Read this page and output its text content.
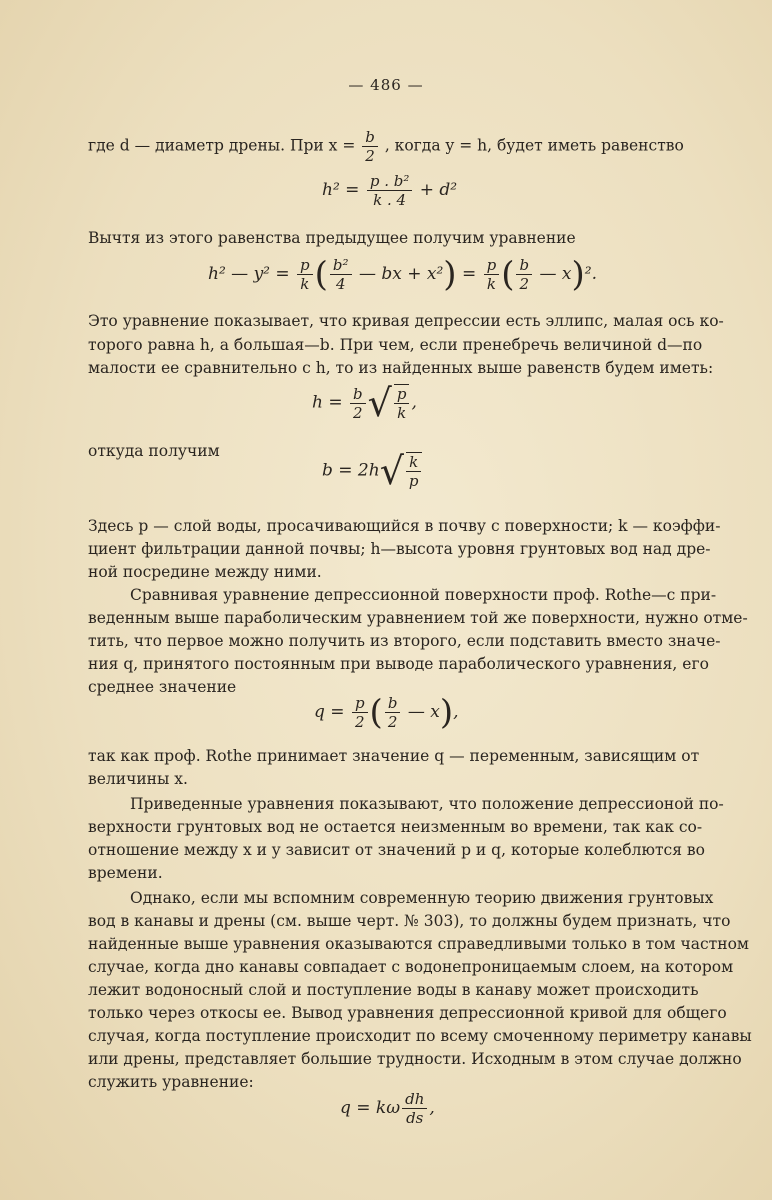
— 486 —
где d — диаметр дрены. При $x = \frac{b}{2}$ , когда y = h, будет иметь равенство
$h^2 = \frac{\text{p . b²}}{k . 4} + d^2$
Вычтя из этого равенства предыдущее получим уравнение
h² — $y^2 = \frac{p}{k}$ ( $\frac{\text{b²}}{4}$ — bx + $x^2) = \frac{p}{k}$ ( $\frac{b}{2}$ — x)².
Это уравнение показывает, что кривая депрессии есть эллипс, малая ось ко-
торого равна h, а большая—b. При чем, если пренебречь величиной d—по
малости ее сравнительно с h, то из найденных выше равенств будем иметь:
$h = \frac{b}{2}$ √ $\frac{p}{k}$ ,
откуда получим
$b = 2h√ \frac{k}{p}$
Здесь p — слой воды, просачивающийся в почву с поверхности; k — коэффи-
циент фильтрации данной почвы; h—высота уровня грунтовых вод над дре-
ной посредине между ними.
Сравнивая уравнение депрессионной поверхности проф. Rothe—с при-
веденным выше параболическим уравнением той же поверхности, нужно отме-
тить, что первое можно получить из второго, если подставить вместо значе-
ния q, принятого постоянным при выводе параболического уравнения, его
среднее значение
$q = \frac{p}{2}$ ( $\frac{b}{2}$ — x),
так как проф. Rothe принимает значение q — переменным, зависящим от
величины x.
Приведенные уравнения показывают, что положение депрессионой по-
верхности грунтовых вод не остается неизменным во времени, так как со-
отношение между x и y зависит от значений p и q, которые колеблются во
времени.
Однако, если мы вспомним современную теорию движения грунтовых
вод в канавы и дрены (см. выше черт. № 303), то должны будем признать, что
найденные выше уравнения оказываются справедливыми только в том частном
случае, когда дно канавы совпадает с водонепроницаемым слоем, на котором
лежит водоносный слой и поступление воды в канаву может происходить
только через откосы ее. Вывод уравнения депрессионной кривой для общего
случая, когда поступление происходит по всему смоченному периметру канавы
или дрены, представляет большие трудности. Исходным в этом случае должно
служить уравнение:
q = kω $\frac{dh}{ds}$ ,
